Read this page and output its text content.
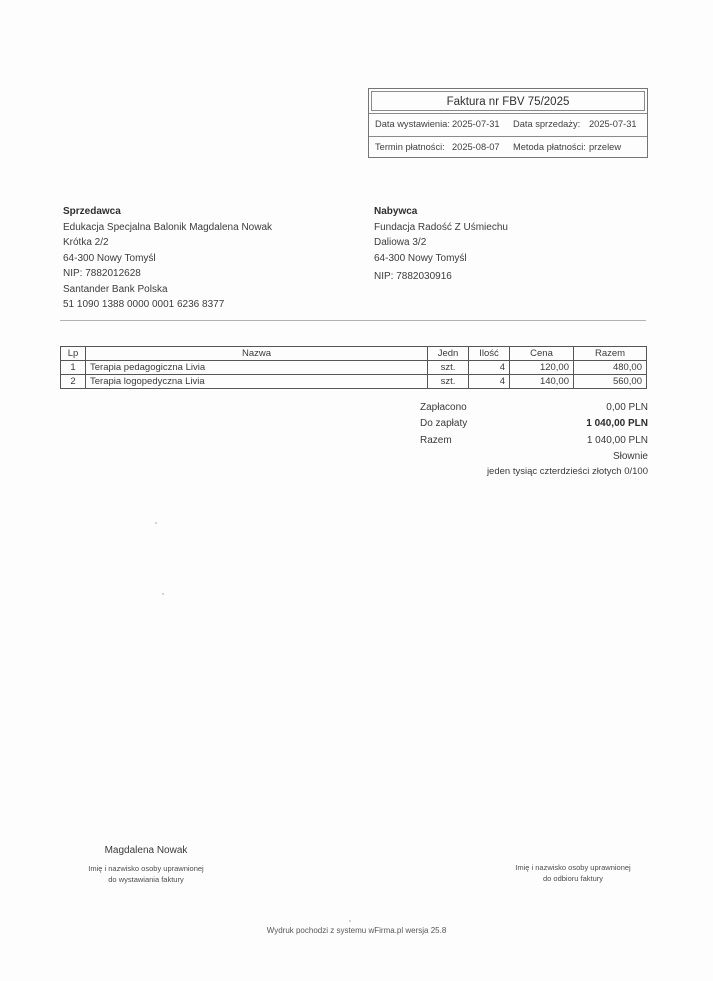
Faktura nr FBV 75/2025
Data wystawienia: 2025-07-31	Data sprzedaży: 2025-07-31
Termin płatności: 2025-08-07	Metoda płatności: przelew
Sprzedawca
Edukacja Specjalna Balonik Magdalena Nowak
Krótka 2/2
64-300 Nowy Tomyśl
NIP: 7882012628
Santander Bank Polska
51 1090 1388 0000 0001 6236 8377
Nabywca
Fundacja Radość Z Uśmiechu
Daliowa 3/2
64-300 Nowy Tomyśl
NIP: 7882030916
Lp	Nazwa	Jedn	Ilość	Cena	Razem
1	Terapia pedagogiczna Livia	szt.	4	120,00	480,00
2	Terapia logopedyczna Livia	szt.	4	140,00	560,00
Zapłacono	0,00 PLN
Do zapłaty	1 040,00 PLN
Razem	1 040,00 PLN
Słownie
jeden tysiąc czterdzieści złotych 0/100
Magdalena Nowak
Imię i nazwisko osoby uprawnionej
do wystawiania faktury
Imię i nazwisko osoby uprawnionej
do odbioru faktury
Wydruk pochodzi z systemu wFirma.pl wersja 25.8
